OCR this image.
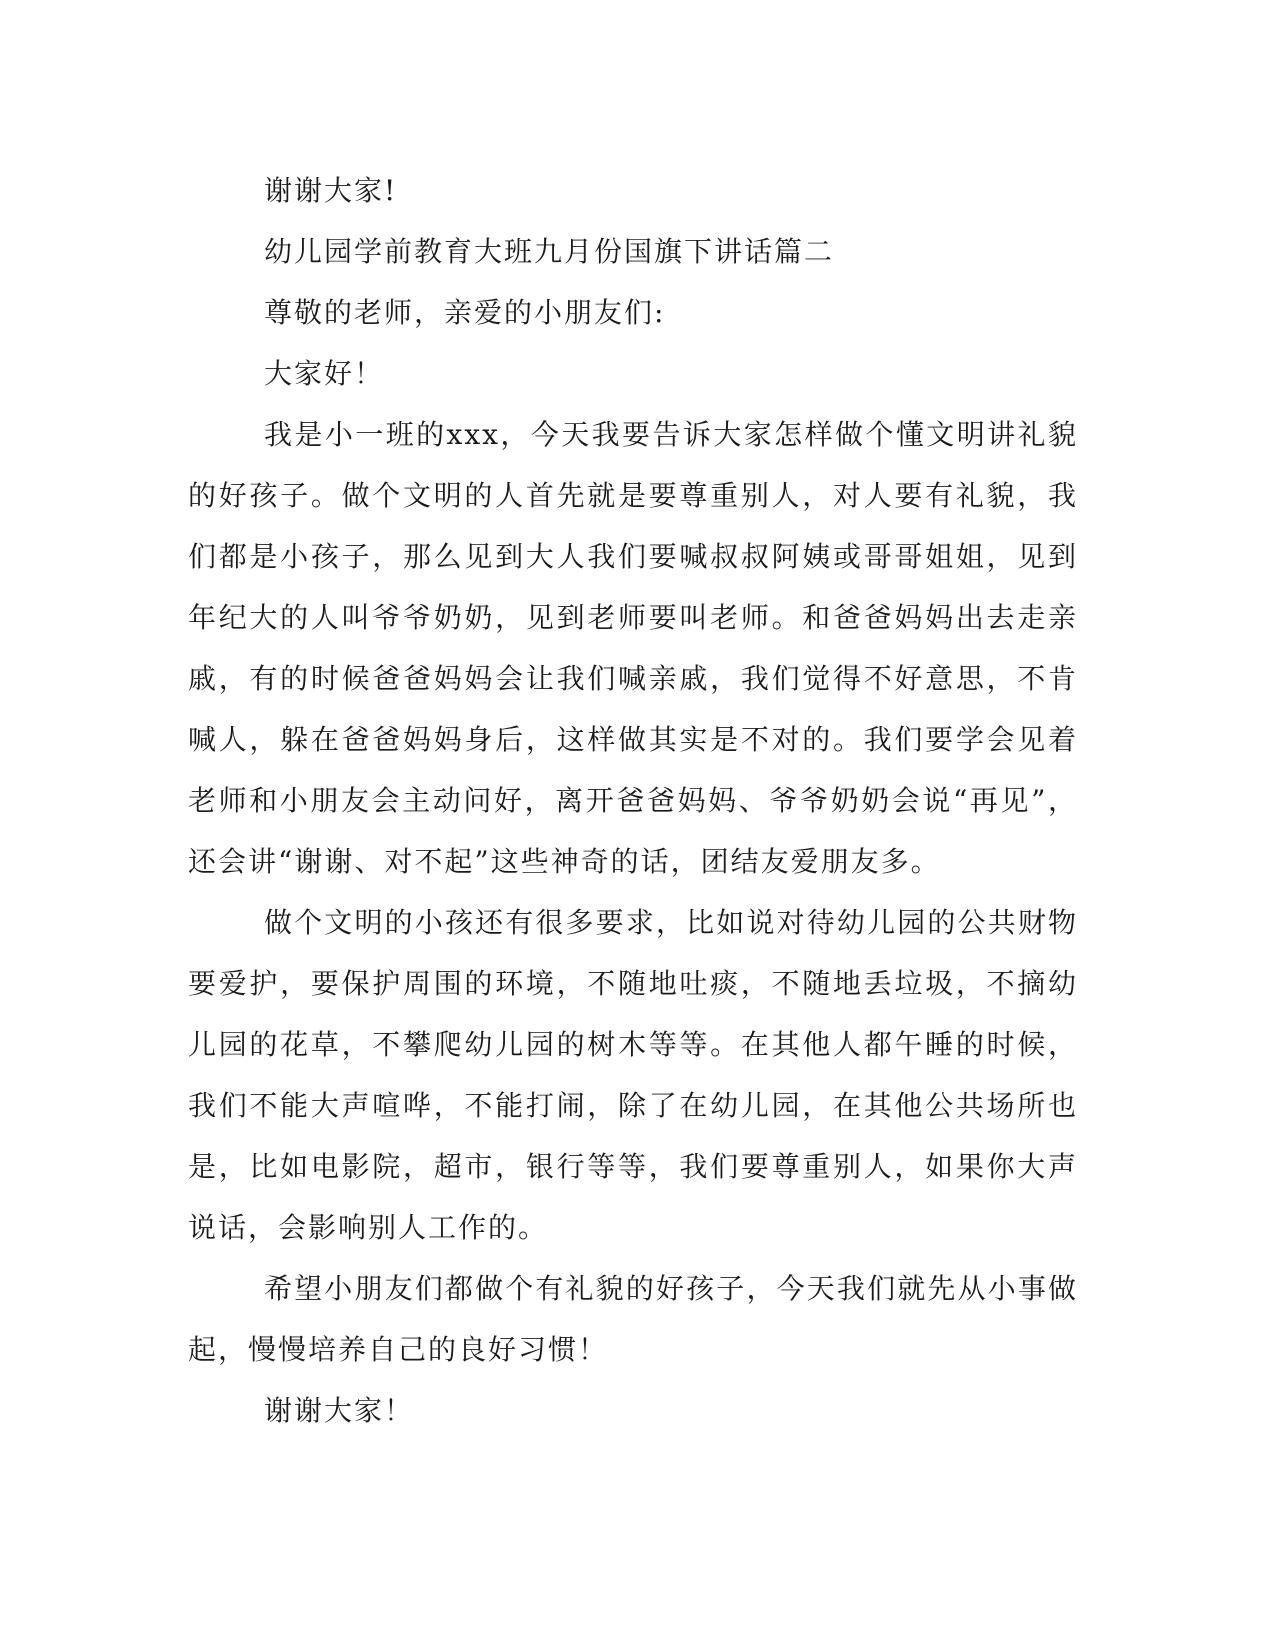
谢谢大家!
幼儿园学前教育大班九月份国旗下讲话篇二
尊敬的老师，亲爱的小朋友们:
大家好！

我是小一班的xxx，今天我要告诉大家怎样做个懂文明讲礼貌的好孩子。做个文明的人首先就是要尊重别人，对人要有礼貌，我们都是小孩子，那么见到大人我们要喊叔叔阿姨或哥哥姐姐，见到年纪大的人叫爷爷奶奶，见到老师要叫老师。和爸爸妈妈出去走亲戚，有的时候爸爸妈妈会让我们喊亲戚，我们觉得不好意思，不肯喊人，躲在爸爸妈妈身后，这样做其实是不对的。我们要学会见着老师和小朋友会主动问好，离开爸爸妈妈、爷爷奶奶会说“再见”，还会讲“谢谢、对不起”这些神奇的话，团结友爱朋友多。

做个文明的小孩还有很多要求，比如说对待幼儿园的公共财物要爱护，要保护周围的环境，不随地吐痰，不随地丢垃圾，不摘幼儿园的花草，不攀爬幼儿园的树木等等。在其他人都午睡的时候，我们不能大声喧哗，不能打闹，除了在幼儿园，在其他公共场所也是，比如电影院，超市，银行等等，我们要尊重别人，如果你大声说话，会影响别人工作的。

希望小朋友们都做个有礼貌的好孩子，今天我们就先从小事做起，慢慢培养自己的良好习惯！

谢谢大家！
